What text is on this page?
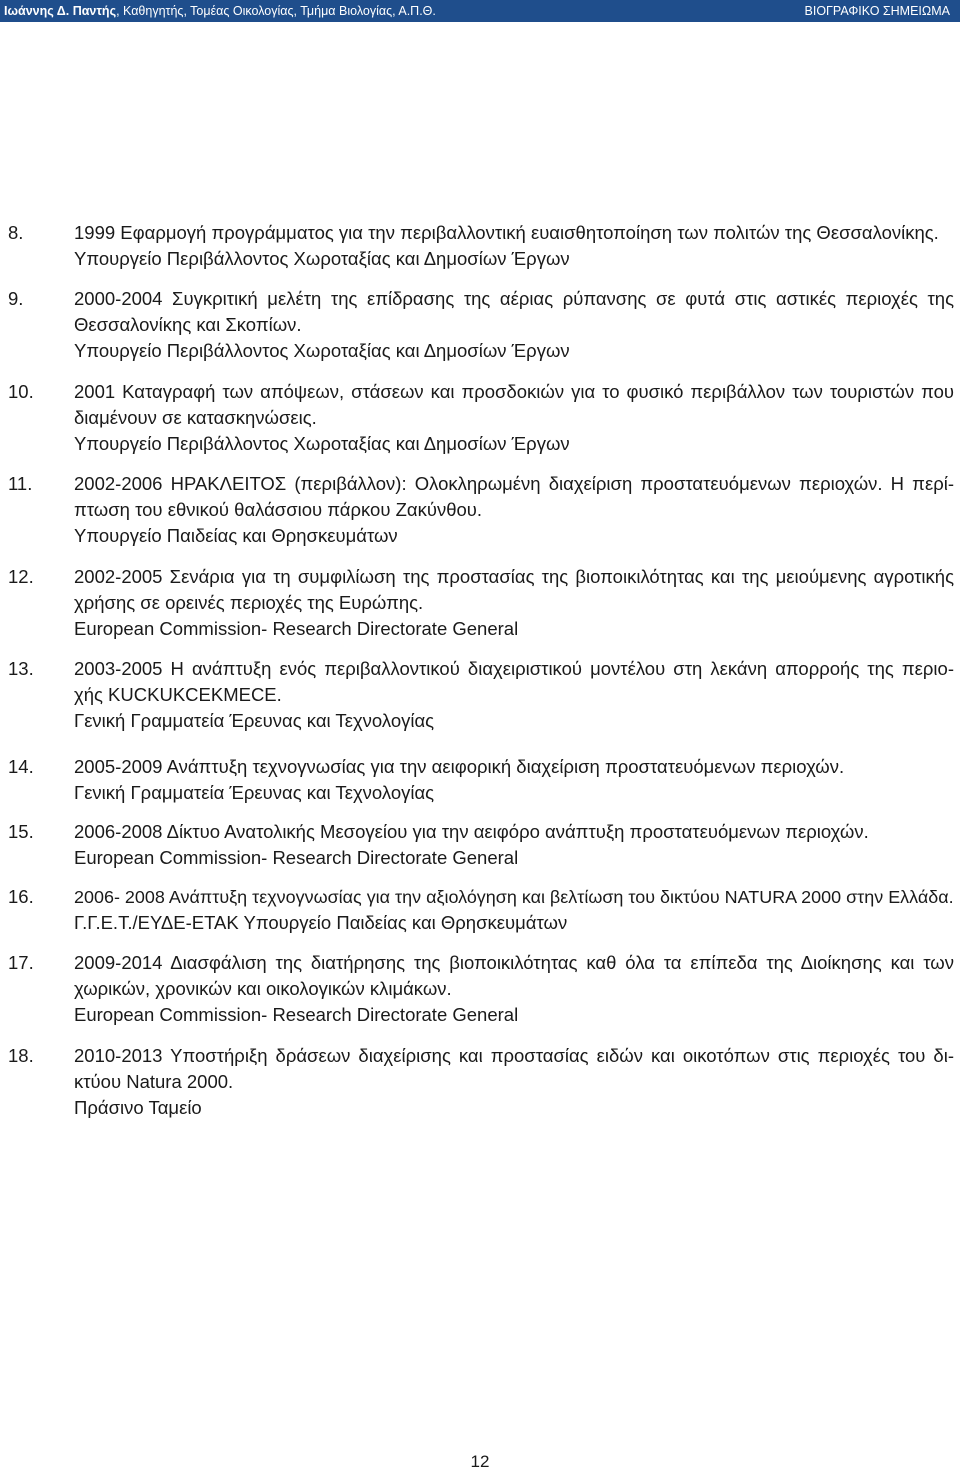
Ιωάννης Δ. Παντής, Καθηγητής, Τομέας Οικολογίας, Τμήμα Βιολογίας, Α.Π.Θ.	ΒΙΟΓΡΑΦΙΚΟ ΣΗΜΕΙΩΜΑ
8.	1999 Εφαρμογή προγράμματος για την περιβαλλοντική ευαισθητοποίηση των πολιτών της Θεσσαλονίκης.
Υπουργείο Περιβάλλοντος Χωροταξίας και Δημοσίων Έργων
9.	2000-2004 Συγκριτική μελέτη της επίδρασης της αέριας ρύπανσης σε φυτά στις αστικές περιοχές της
Θεσσαλονίκης και Σκοπίων.
Υπουργείο Περιβάλλοντος Χωροταξίας και Δημοσίων Έργων
10. 2001 Καταγραφή των απόψεων, στάσεων και προσδοκιών για το φυσικό περιβάλλον των τουριστών που
διαμένουν σε κατασκηνώσεις.
Υπουργείο Περιβάλλοντος Χωροταξίας και Δημοσίων Έργων
11. 2002-2006 ΗΡΑΚΛΕΙΤΟΣ (περιβάλλον): Ολοκληρωμένη διαχείριση προστατευόμενων περιοχών. Η περί-
πτωση του εθνικού θαλάσσιου πάρκου Ζακύνθου.
Υπουργείο Παιδείας και Θρησκευμάτων
12. 2002-2005 Σενάρια για τη συμφιλίωση της προστασίας της βιοποικιλότητας και της μειούμενης αγροτικής
χρήσης σε ορεινές περιοχές της Ευρώπης.
European Commission- Research Directorate General
13. 2003-2005 Η ανάπτυξη ενός περιβαλλοντικού διαχειριστικού μοντέλου στη λεκάνη απορροής της περιο-
χής KUCKUKCEKMECE.
Γενική Γραμματεία Έρευνας και Τεχνολογίας
14. 2005-2009 Ανάπτυξη τεχνογνωσίας για την αειφορική διαχείριση προστατευόμενων περιοχών.
Γενική Γραμματεία Έρευνας και Τεχνολογίας
15. 2006-2008 Δίκτυο Ανατολικής Μεσογείου για την αειφόρο ανάπτυξη προστατευόμενων περιοχών.
European Commission- Research Directorate General
16. 2006- 2008 Ανάπτυξη τεχνογνωσίας για την αξιολόγηση και βελτίωση του δικτύου NATURA 2000 στην Ελλάδα.
Γ.Γ.Ε.Τ./ΕΥΔΕ-ΕΤΑΚ Υπουργείο Παιδείας και Θρησκευμάτων
17. 2009-2014 Διασφάλιση της διατήρησης της βιοποικιλότητας καθ όλα τα επίπεδα της Διοίκησης και των
χωρικών, χρονικών και οικολογικών κλιμάκων.
European Commission- Research Directorate General
18. 2010-2013 Υποστήριξη δράσεων διαχείρισης και προστασίας ειδών και οικοτόπων στις περιοχές του δι-
κτύου Natura 2000.
Πράσινο Ταμείο
12
